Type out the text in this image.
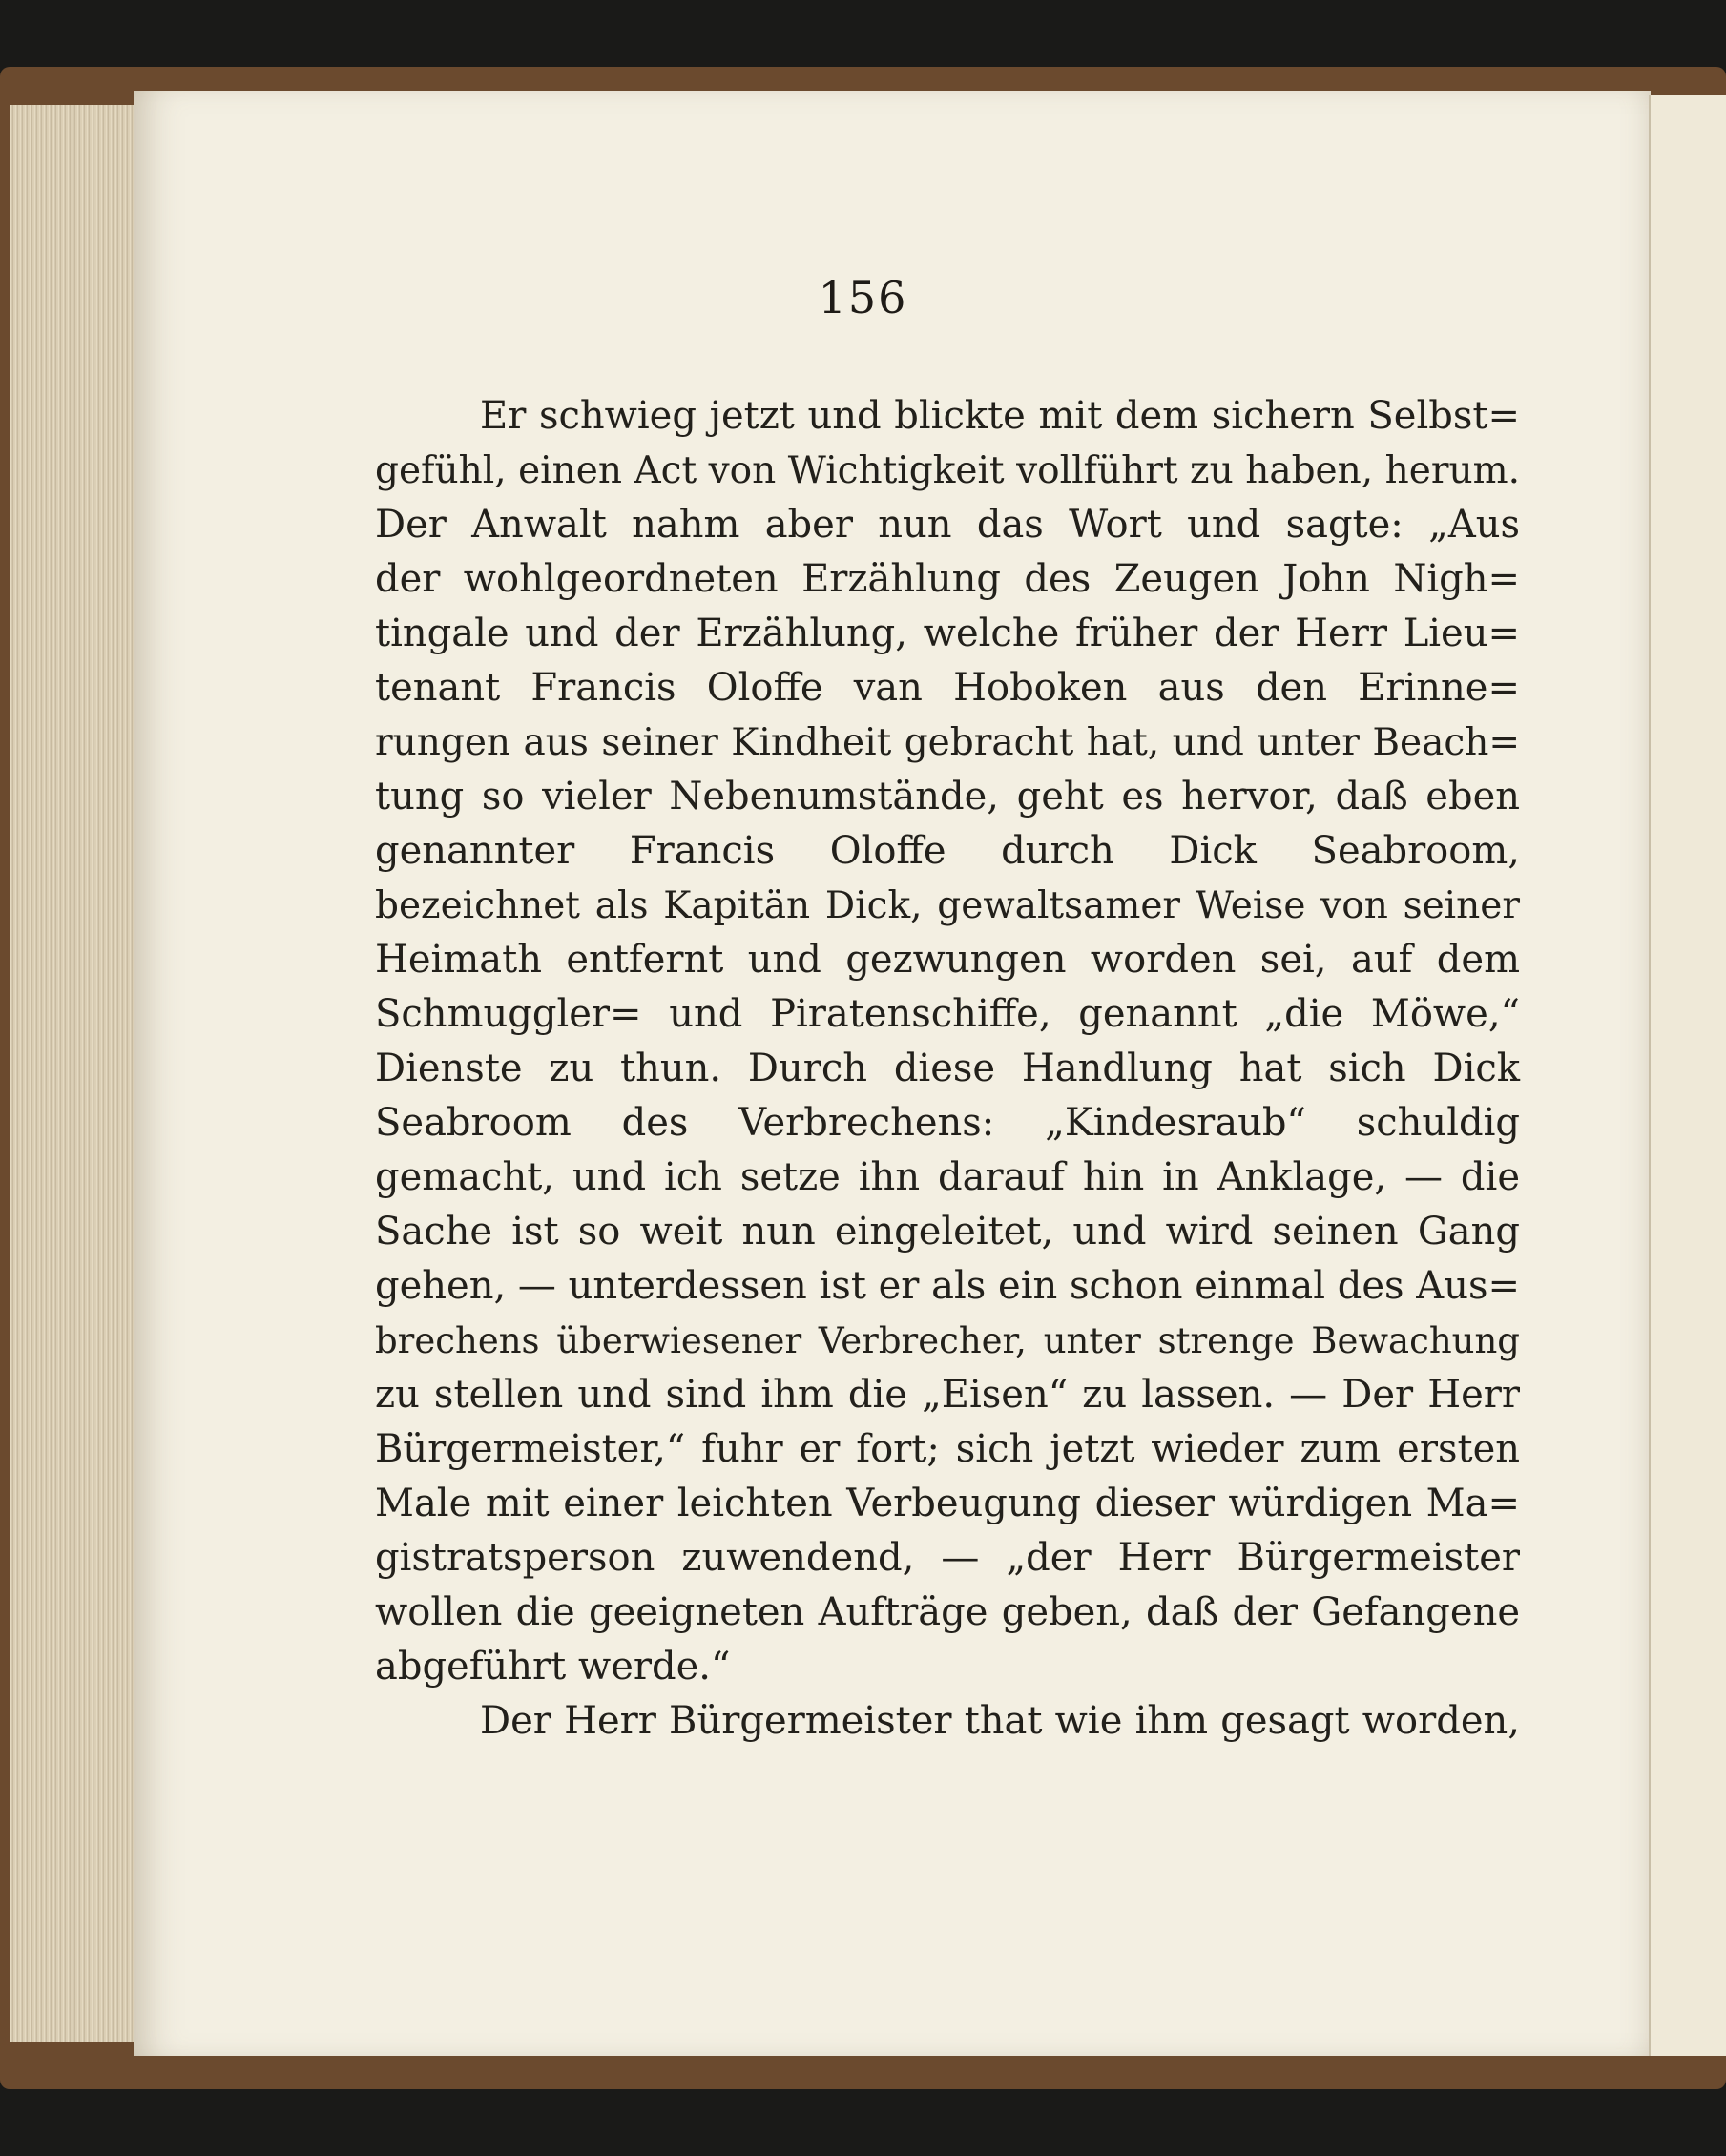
156
Er schwieg jetzt und blickte mit dem sichern Selbst=
gefühl, einen Act von Wichtigkeit vollführt zu haben, herum.
Der Anwalt nahm aber nun das Wort und sagte: „Aus
der wohlgeordneten Erzählung des Zeugen John Nigh=
tingale und der Erzählung, welche früher der Herr Lieu=
tenant Francis Oloffe van Hoboken aus den Erinne=
rungen aus seiner Kindheit gebracht hat, und unter Beach=
tung so vieler Nebenumstände, geht es hervor, daß eben
genannter Francis Oloffe durch Dick Seabroom,
bezeichnet als Kapitän Dick, gewaltsamer Weise von seiner
Heimath entfernt und gezwungen worden sei, auf dem
Schmuggler= und Piratenschiffe, genannt „die Möwe,“
Dienste zu thun. Durch diese Handlung hat sich Dick
Seabroom des Verbrechens: „Kindesraub“ schuldig
gemacht, und ich setze ihn darauf hin in Anklage, — die
Sache ist so weit nun eingeleitet, und wird seinen Gang
gehen, — unterdessen ist er als ein schon einmal des Aus=
brechens überwiesener Verbrecher, unter strenge Bewachung
zu stellen und sind ihm die „Eisen“ zu lassen. — Der Herr
Bürgermeister,“ fuhr er fort; sich jetzt wieder zum ersten
Male mit einer leichten Verbeugung dieser würdigen Ma=
gistratsperson zuwendend, — „der Herr Bürgermeister
wollen die geeigneten Aufträge geben, daß der Gefangene
abgeführt werde.“
Der Herr Bürgermeister that wie ihm gesagt worden,
